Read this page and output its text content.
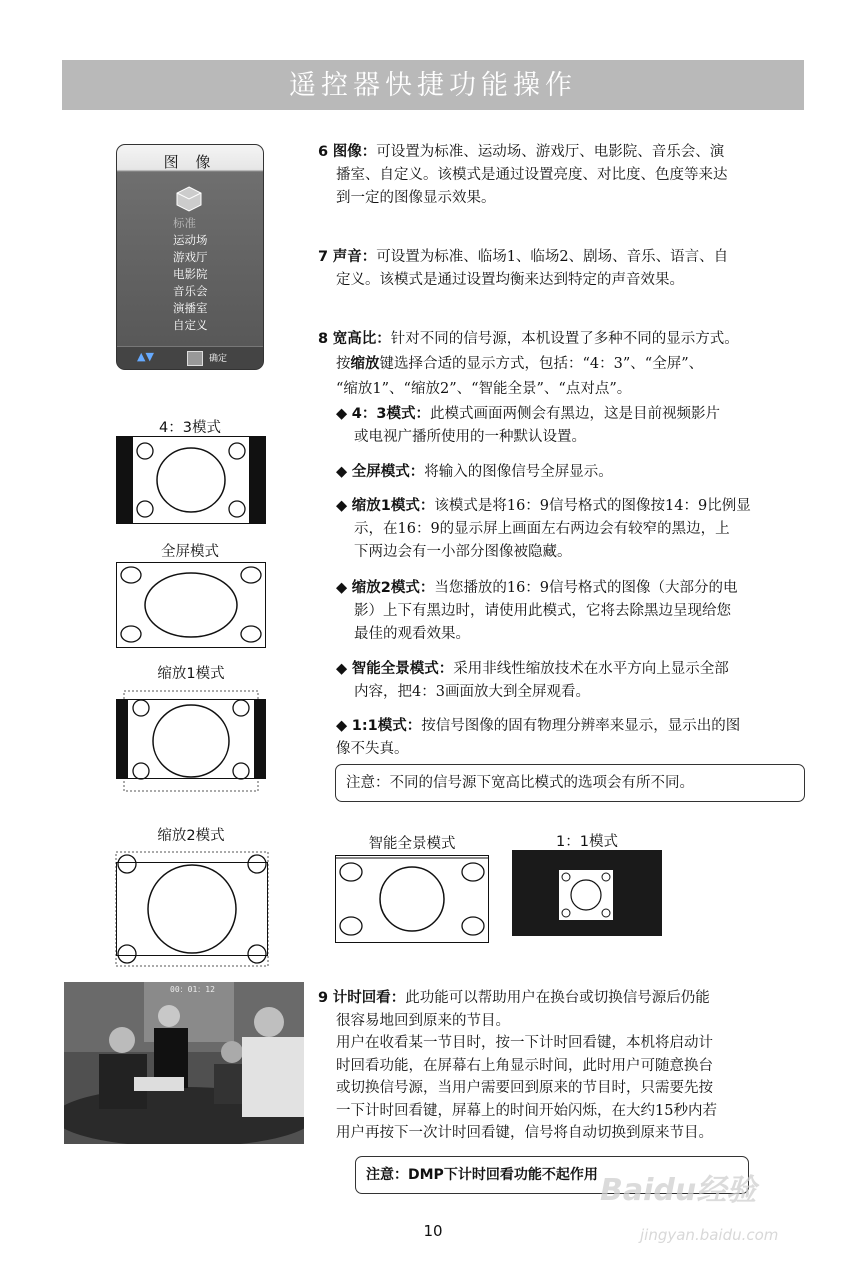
遥控器快捷功能操作
图 像
标准
运动场
游戏厅
电影院
音乐会
演播室
自定义
▲▼	确定
6 图像：可设置为标准、运动场、游戏厅、电影院、音乐会、演
播室、自定义。该模式是通过设置亮度、对比度、色度等来达
到一定的图像显示效果。
7 声音：可设置为标准、临场1、临场2、剧场、音乐、语言、自
定义。该模式是通过设置均衡来达到特定的声音效果。
8 宽高比：针对不同的信号源，本机设置了多种不同的显示方式。
按缩放键选择合适的显示方式，包括：“4：3”、“全屏”、
“缩放1”、“缩放2”、“智能全景”、“点对点”。
◆ 4：3模式：此模式画面两侧会有黑边，这是目前视频影片
或电视广播所使用的一种默认设置。
◆ 全屏模式：将输入的图像信号全屏显示。
◆ 缩放1模式：该模式是将16：9信号格式的图像按14：9比例显
示，在16：9的显示屏上画面左右两边会有较窄的黑边，上
下两边会有一小部分图像被隐藏。
◆ 缩放2模式：当您播放的16：9信号格式的图像（大部分的电
影）上下有黑边时，请使用此模式，它将去除黑边呈现给您
最佳的观看效果。
◆ 智能全景模式：采用非线性缩放技术在水平方向上显示全部
内容，把4：3画面放大到全屏观看。
◆ 1:1模式：按信号图像的固有物理分辨率来显示，显示出的图
像不失真。
注意：不同的信号源下宽高比模式的选项会有所不同。
4：3模式
全屏模式
缩放1模式
缩放2模式	智能全景模式	1：1模式
00：01：12
9 计时回看：此功能可以帮助用户在换台或切换信号源后仍能
很容易地回到原来的节目。
用户在收看某一节目时，按一下计时回看键，本机将启动计
时回看功能，在屏幕右上角显示时间，此时用户可随意换台
或切换信号源，当用户需要回到原来的节目时，只需要先按
一下计时回看键，屏幕上的时间开始闪烁，在大约15秒内若
用户再按下一次计时回看键，信号将自动切换到原来节目。
注意：DMP下计时回看功能不起作用 Baidu经验
jingyan.baidu.com
10
